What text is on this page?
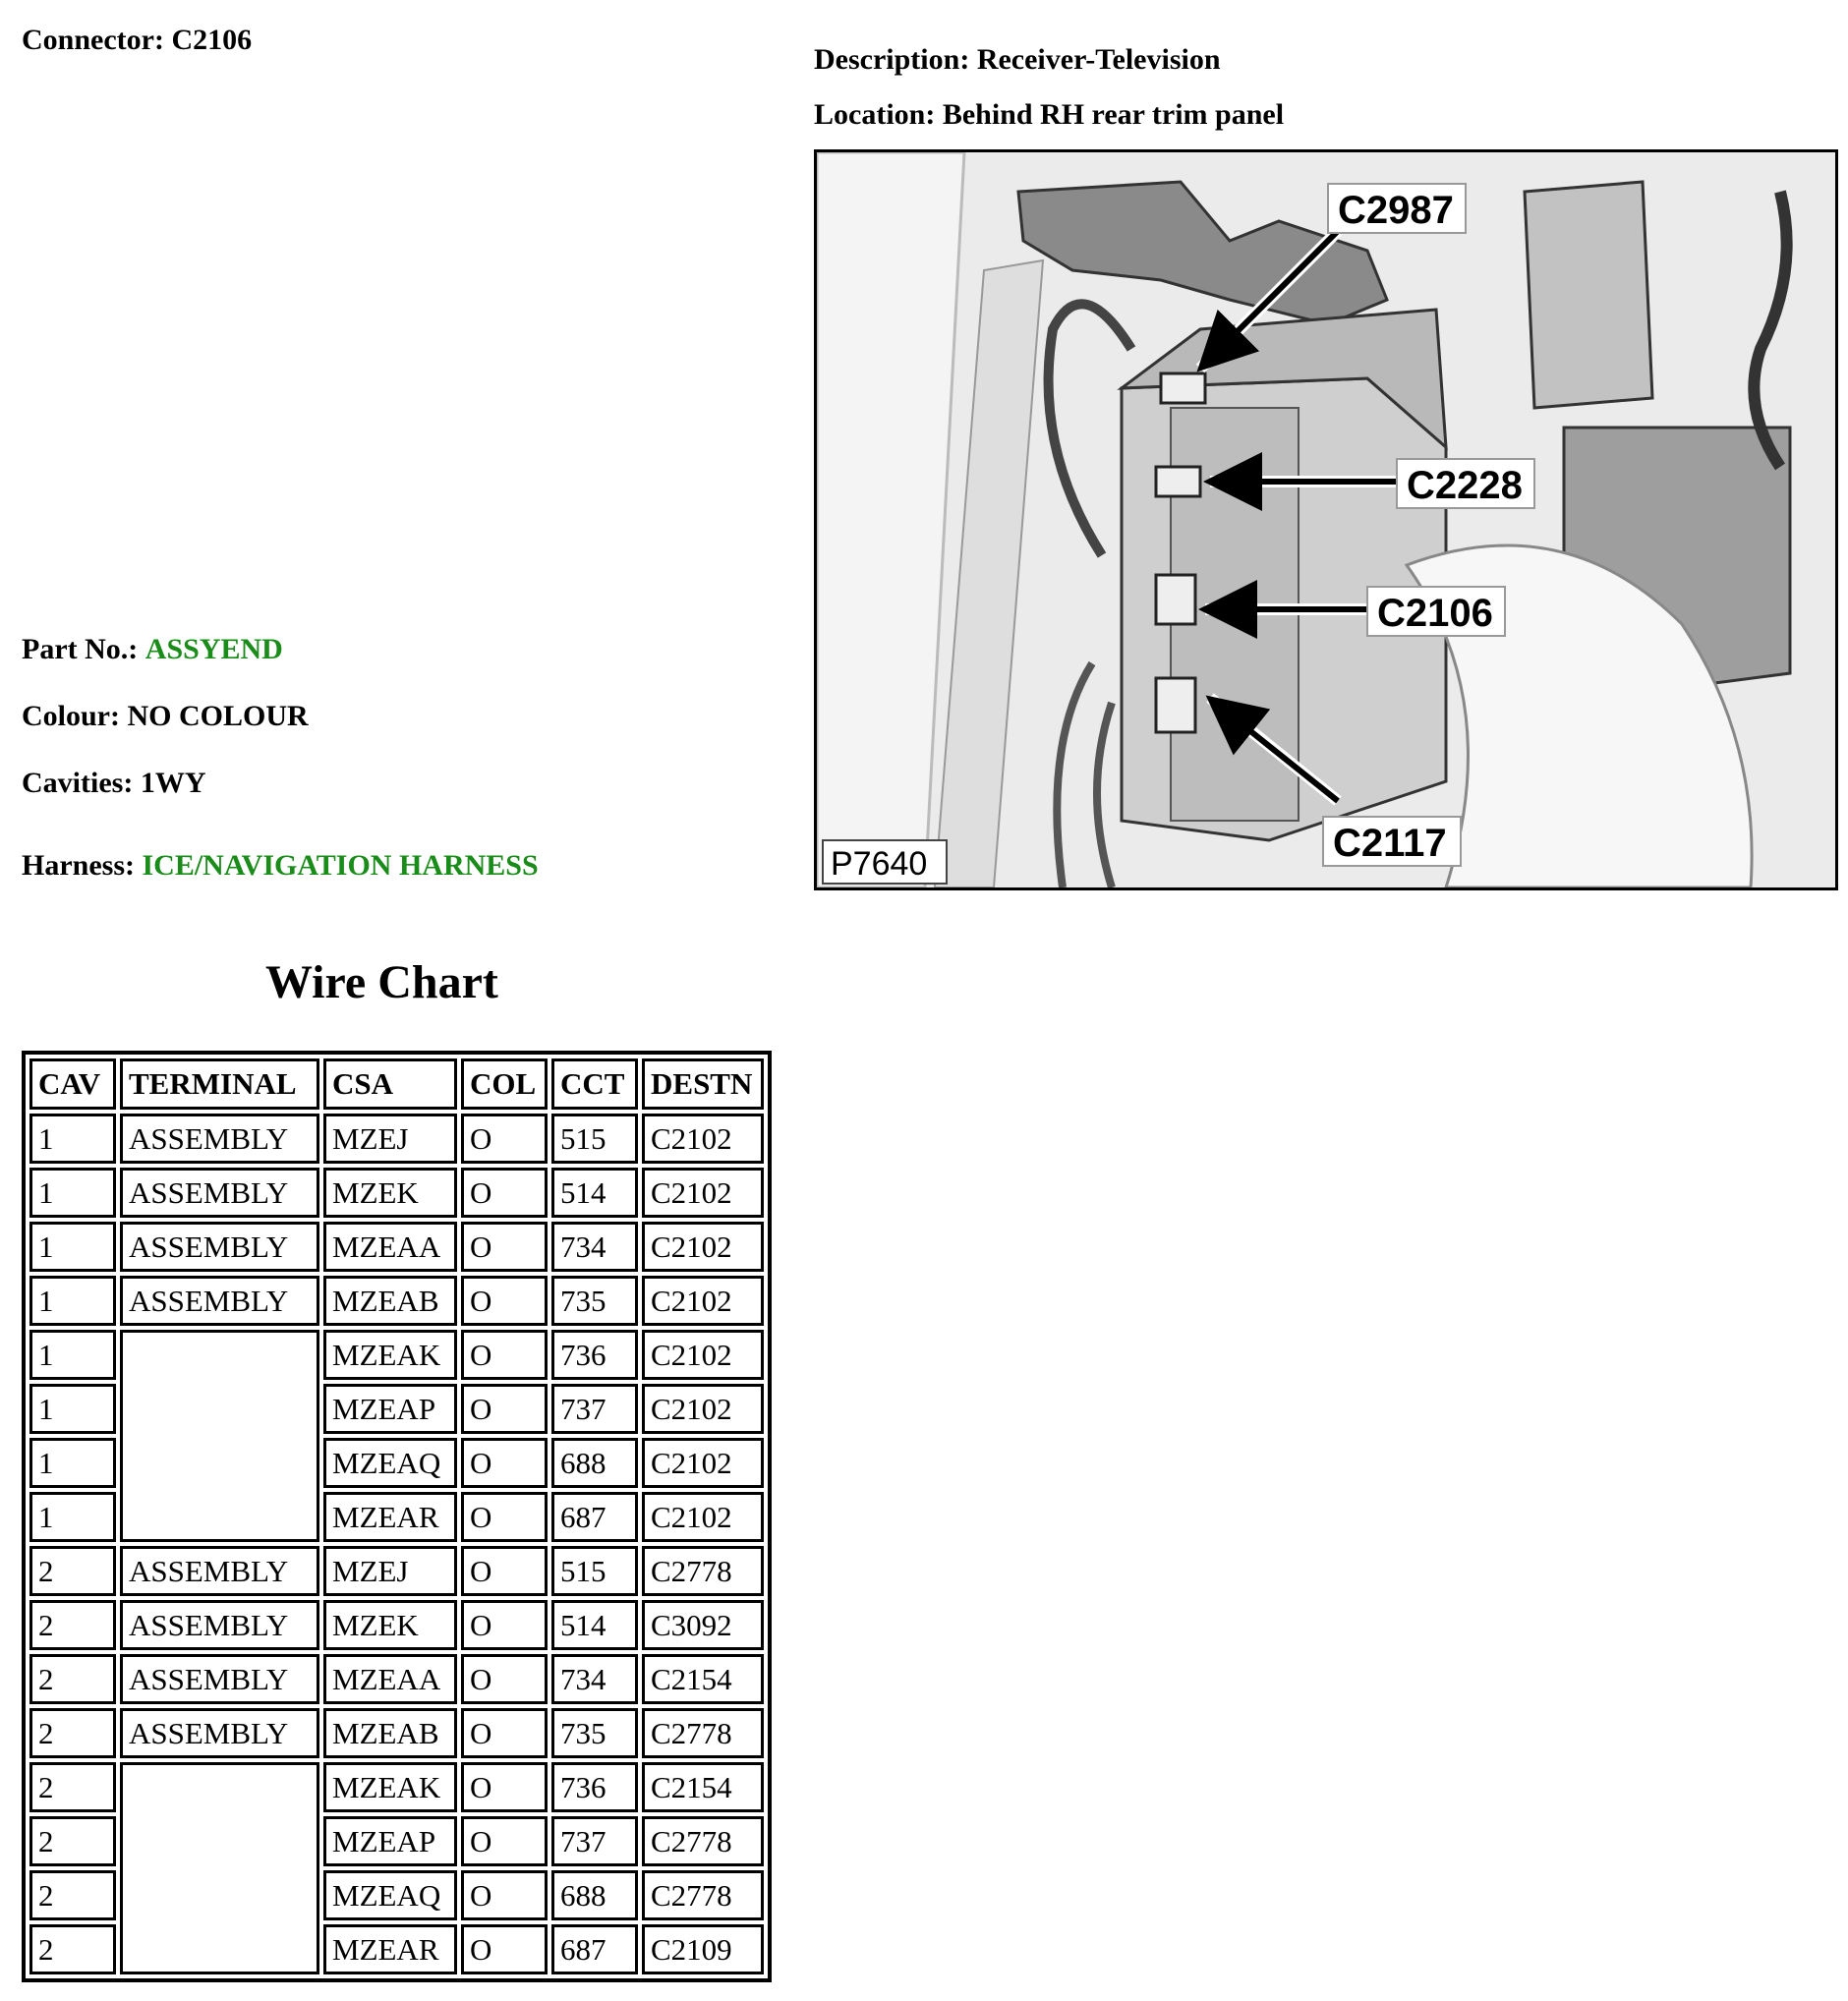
Connector: C2106
Description: Receiver-Television
Location: Behind RH rear trim panel
Part No.: ASSYEND
Colour: NO COLOUR
Cavities: 1WY
Harness: ICE/NAVIGATION HARNESS
C2987
C2228
C2106
C2117
P7640
Wire Chart
CAV	TERMINAL	CSA	COL	CCT	DESTN
1	ASSEMBLY	MZEJ	O	515	C2102
1	ASSEMBLY	MZEK	O	514	C2102
1	ASSEMBLY	MZEAA	O	734	C2102
1	ASSEMBLY	MZEAB	O	735	C2102
1		MZEAK	O	736	C2102
1		MZEAP	O	737	C2102
1		MZEAQ	O	688	C2102
1		MZEAR	O	687	C2102
2	ASSEMBLY	MZEJ	O	515	C2778
2	ASSEMBLY	MZEK	O	514	C3092
2	ASSEMBLY	MZEAA	O	734	C2154
2	ASSEMBLY	MZEAB	O	735	C2778
2		MZEAK	O	736	C2154
2		MZEAP	O	737	C2778
2		MZEAQ	O	688	C2778
2		MZEAR	O	687	C2109
